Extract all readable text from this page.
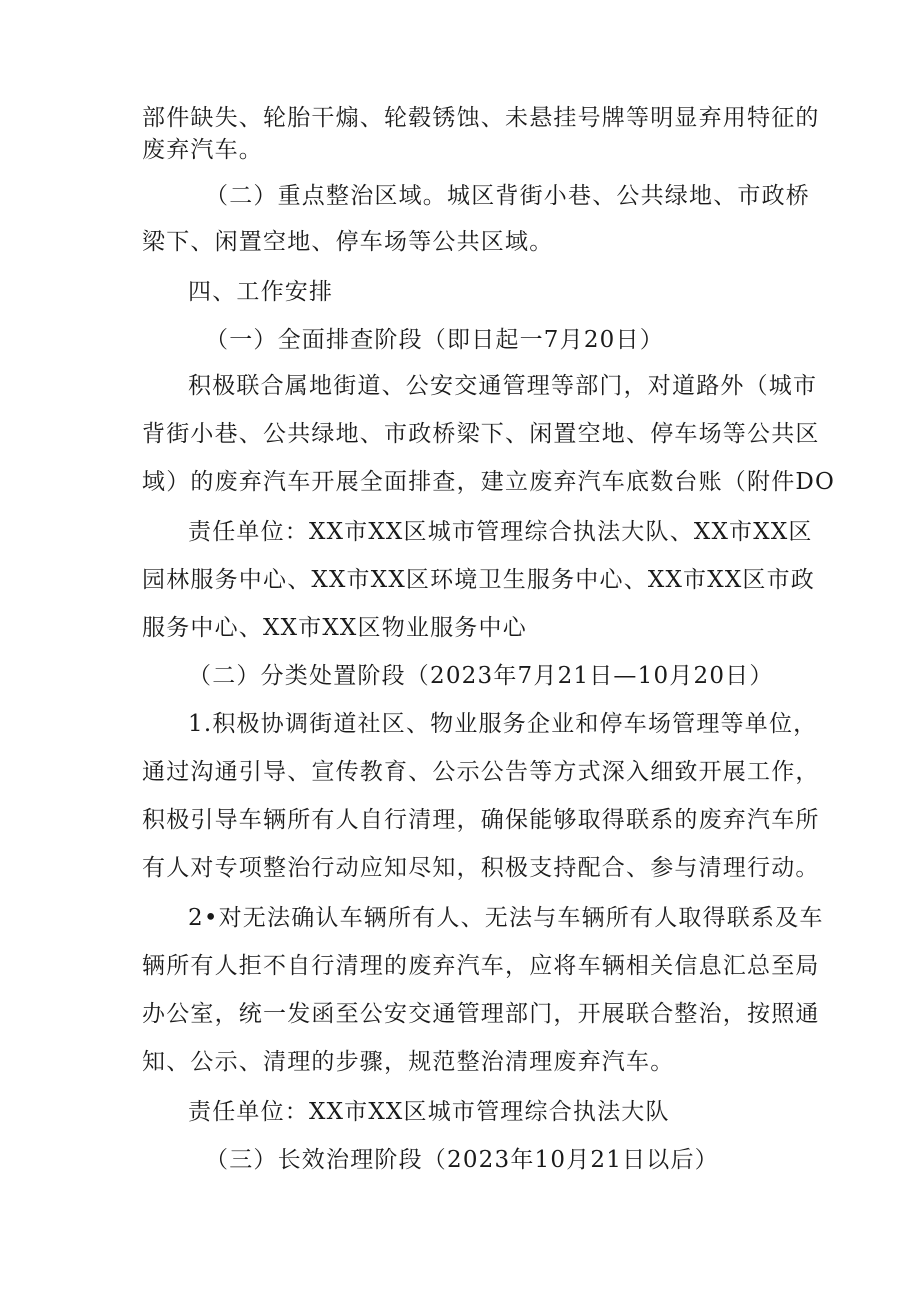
部件缺失、轮胎干煽、轮毂锈蚀、未悬挂号牌等明显弃用特征的
废弃汽车。
（二）重点整治区域。城区背街小巷、公共绿地、市政桥
梁下、闲置空地、停车场等公共区域。
四、工作安排
（一）全面排查阶段（即日起一7月20日）
积极联合属地街道、公安交通管理等部门，对道路外（城市
背街小巷、公共绿地、市政桥梁下、闲置空地、停车场等公共区
域）的废弃汽车开展全面排查，建立废弃汽车底数台账（附件DO
责任单位：XX市XX区城市管理综合执法大队、XX市XX区
园林服务中心、XX市XX区环境卫生服务中心、XX市XX区市政
服务中心、XX市XX区物业服务中心
（二）分类处置阶段（2023年7月21日—10月20日）
1.积极协调街道社区、物业服务企业和停车场管理等单位，
通过沟通引导、宣传教育、公示公告等方式深入细致开展工作，
积极引导车辆所有人自行清理，确保能够取得联系的废弃汽车所
有人对专项整治行动应知尽知，积极支持配合、参与清理行动。
2•对无法确认车辆所有人、无法与车辆所有人取得联系及车
辆所有人拒不自行清理的废弃汽车，应将车辆相关信息汇总至局
办公室，统一发函至公安交通管理部门，开展联合整治，按照通
知、公示、清理的步骤，规范整治清理废弃汽车。
责任单位：XX市XX区城市管理综合执法大队
（三）长效治理阶段（2023年10月21日以后）
